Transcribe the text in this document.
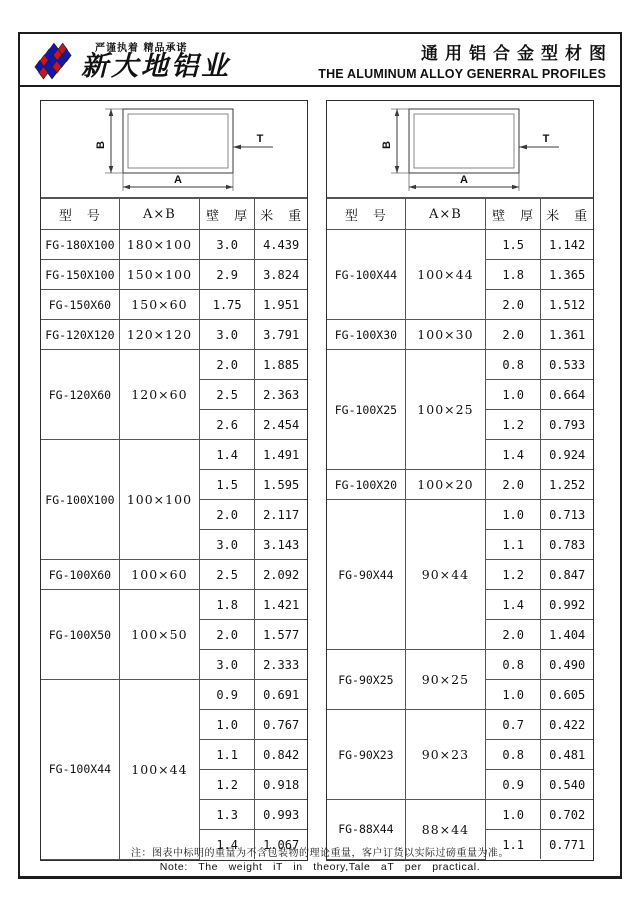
严谨执着 精品承诺
新大地铝业	通用铝合金型材图
THE ALUMINUM ALLOY GENERRAL PROFILES
B
A
T
型　号	A×B	壁　厚	米　重
FG-180X100	180×100	3.0	4.439
FG-150X100	150×100	2.9	3.824
FG-150X60	150×60	1.75	1.951
FG-120X120	120×120	3.0	3.791
FG-120X60	120×60	2.0	1.885
		2.5	2.363
		2.6	2.454
FG-100X100	100×100	1.4	1.491
		1.5	1.595
		2.0	2.117
		3.0	3.143
FG-100X60	100×60	2.5	2.092
FG-100X50	100×50	1.8	1.421
		2.0	1.577
		3.0	2.333
FG-100X44	100×44	0.9	0.691
		1.0	0.767
		1.1	0.842
		1.2	0.918
		1.3	0.993
		1.4	1.067
B
A
T
型　号	A×B	壁　厚	米　重
FG-100X44	100×44	1.5	1.142
		1.8	1.365
		2.0	1.512
FG-100X30	100×30	2.0	1.361
FG-100X25	100×25	0.8	0.533
		1.0	0.664
		1.2	0.793
		1.4	0.924
FG-100X20	100×20	2.0	1.252
FG-90X44	90×44	1.0	0.713
		1.1	0.783
		1.2	0.847
		1.4	0.992
		2.0	1.404
FG-90X25	90×25	0.8	0.490
		1.0	0.605
FG-90X23	90×23	0.7	0.422
		0.8	0.481
		0.9	0.540
FG-88X44	88×44	1.0	0.702
		1.1	0.771
注：图表中标明的重量为不含包装物的理论重量，客户订货以实际过磅重量为准。
Note: The weight iT in theory,Tale aT per practical.
